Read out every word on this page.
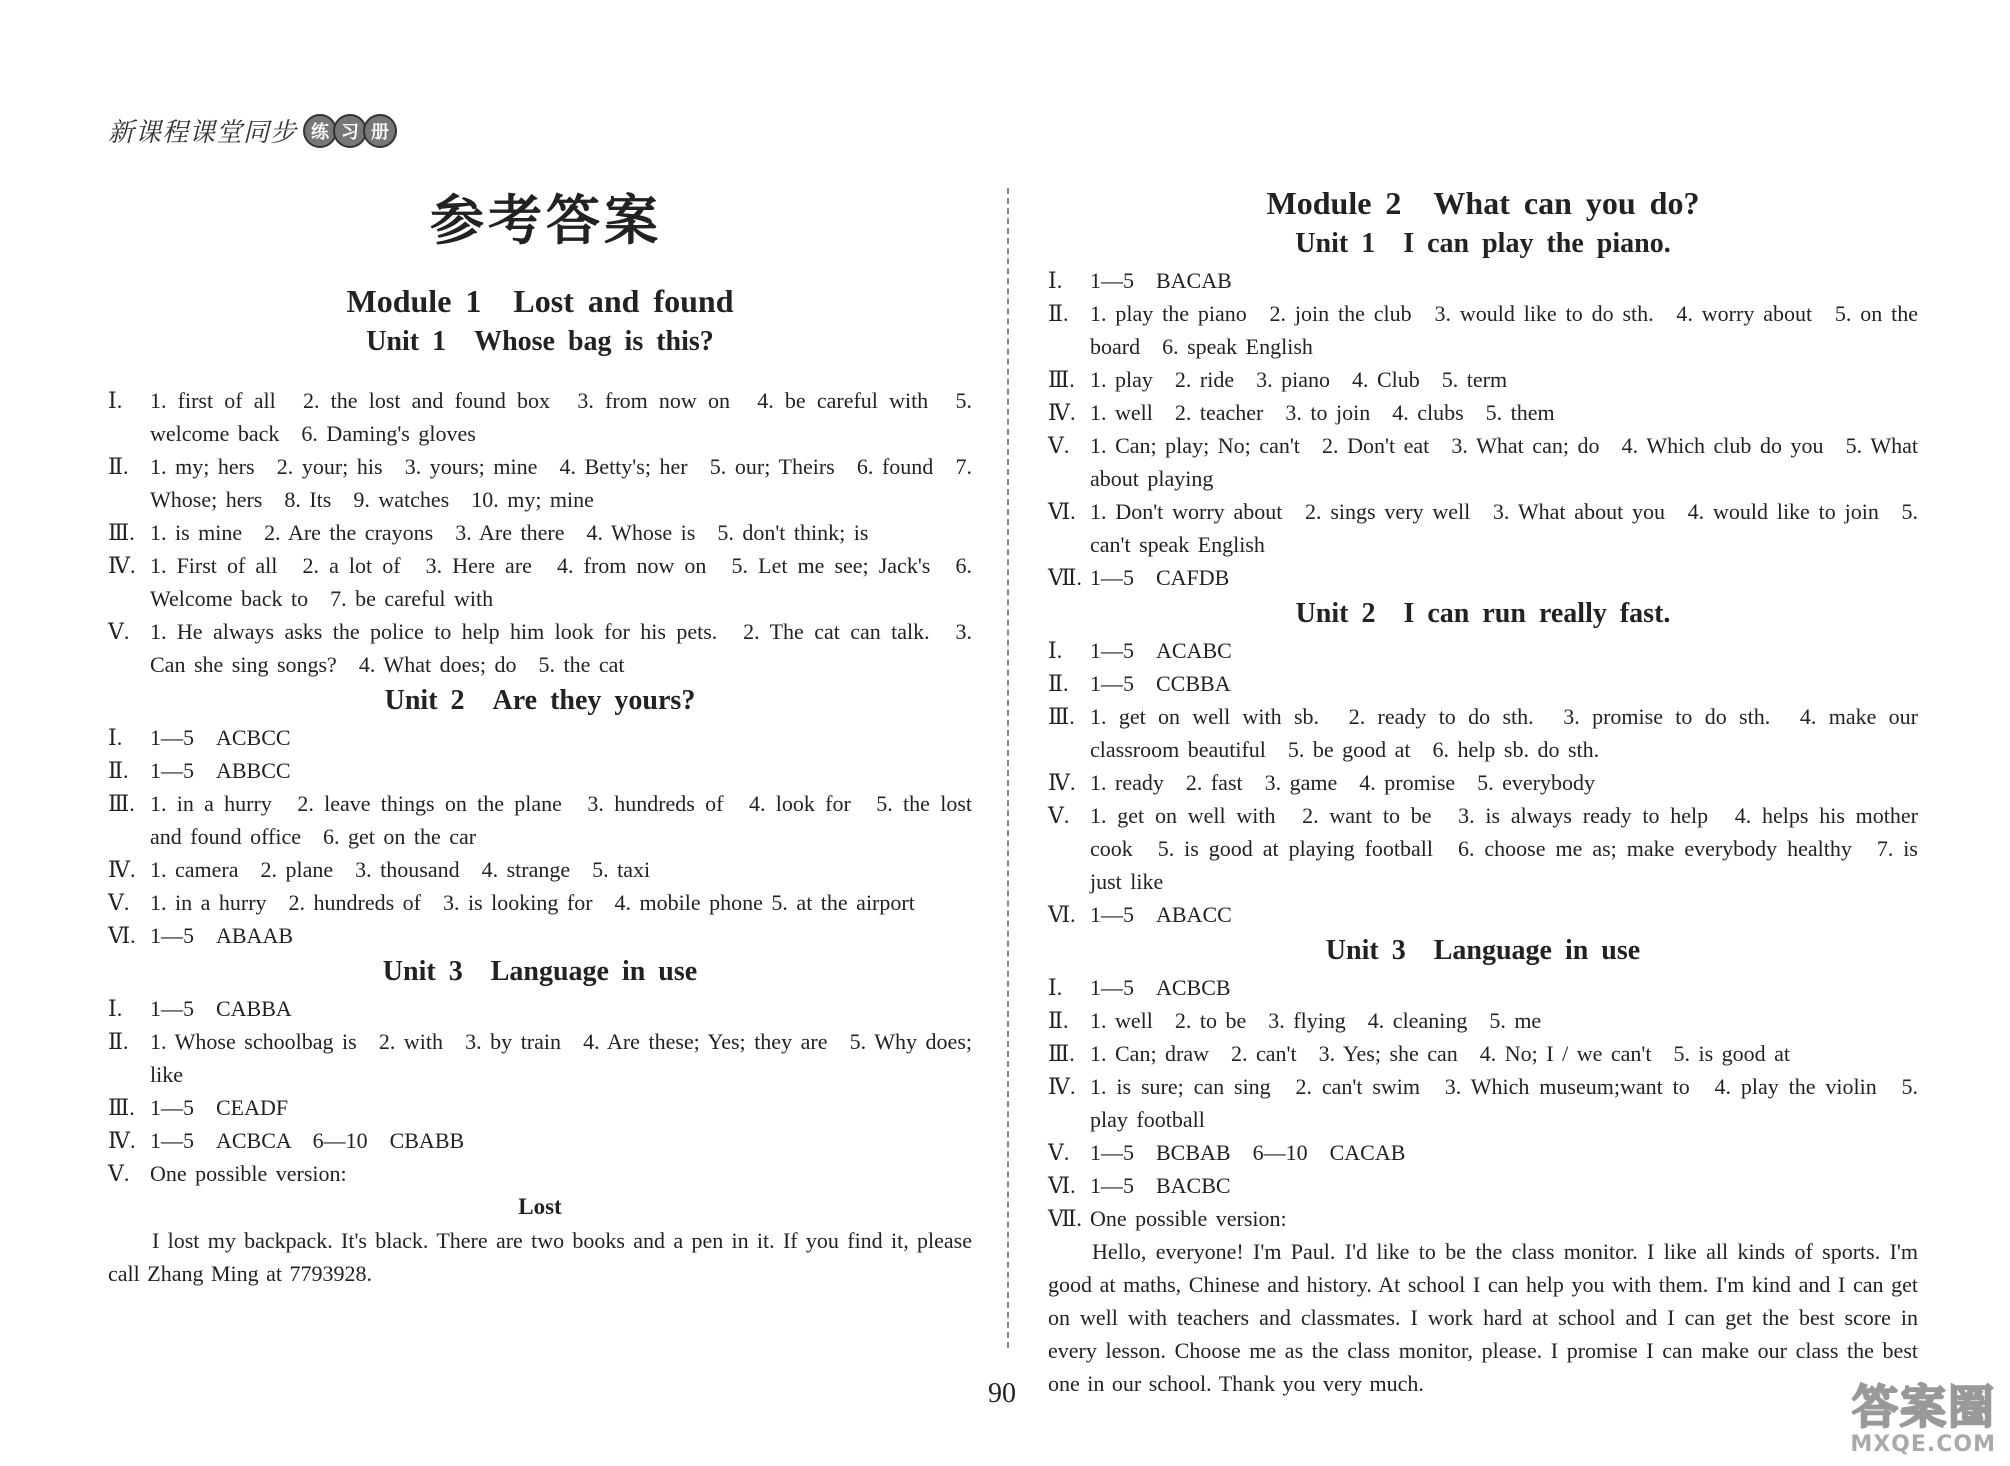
新课程课堂同步 练 习 册
参考答案
Module 1　Lost and found
Unit 1　Whose bag is this?
Ⅰ.	1. first of all　2. the lost and found box　3. from now on　4. be careful with　5. welcome back　6. Daming's gloves
Ⅱ. 1. my; hers　2. your; his　3. yours; mine　4. Betty's; her　5. our; Theirs　6. found　7. Whose; hers　8. Its　9. watches　10. my; mine
Ⅲ. 1. is mine　2. Are the crayons　3. Are there　4. Whose is　5. don't think; is
Ⅳ. 1. First of all　2. a lot of　3. Here are　4. from now on　5. Let me see; Jack's　6. Welcome back to　7. be careful with
Ⅴ. 1. He always asks the police to help him look for his pets.　2. The cat can talk.　3. Can she sing songs?　4. What does; do　5. the cat
Unit 2　Are they yours?
Ⅰ.	1—5　ACBCC
Ⅱ. 1—5　ABBCC
Ⅲ. 1. in a hurry　2. leave things on the plane　3. hundreds of　4. look for　5. the lost and found office　6. get on the car
Ⅳ. 1. camera　2. plane　3. thousand　4. strange　5. taxi
Ⅴ. 1. in a hurry　2. hundreds of　3. is looking for　4. mobile phone 5. at the airport
Ⅵ. 1—5　ABAAB
Unit 3　Language in use
Ⅰ.	1—5　CABBA
Ⅱ. 1. Whose schoolbag is　2. with　3. by train　4. Are these; Yes; they are　5. Why does; like
Ⅲ. 1—5　CEADF
Ⅳ. 1—5　ACBCA　6—10　CBABB
Ⅴ. One possible version:
Lost
I lost my backpack. It's black. There are two books and a pen in it. If you find it, please call Zhang Ming at 7793928.
Module 2　What can you do?
Unit 1　I can play the piano.
Ⅰ.	1—5　BACAB
Ⅱ. 1. play the piano　2. join the club　3. would like to do sth.　4. worry about　5. on the board　6. speak English
Ⅲ. 1. play　2. ride　3. piano　4. Club　5. term
Ⅳ. 1. well　2. teacher　3. to join　4. clubs　5. them
Ⅴ. 1. Can; play; No; can't　2. Don't eat　3. What can; do　4. Which club do you　5. What about playing
Ⅵ. 1. Don't worry about　2. sings very well　3. What about you　4. would like to join　5. can't speak English
Ⅶ. 1—5　CAFDB
Unit 2　I can run really fast.
Ⅰ.	1—5　ACABC
Ⅱ. 1—5　CCBBA
Ⅲ. 1. get on well with sb.　2. ready to do sth.　3. promise to do sth.　4. make our classroom beautiful　5. be good at　6. help sb. do sth.
Ⅳ. 1. ready　2. fast　3. game　4. promise　5. everybody
Ⅴ. 1. get on well with　2. want to be　3. is always ready to help　4. helps his mother cook　5. is good at playing football　6. choose me as; make everybody healthy　7. is just like
Ⅵ. 1—5　ABACC
Unit 3　Language in use
Ⅰ.	1—5　ACBCB
Ⅱ. 1. well　2. to be　3. flying　4. cleaning　5. me
Ⅲ. 1. Can; draw　2. can't　3. Yes; she can　4. No; I / we can't　5. is good at
Ⅳ. 1. is sure; can sing　2. can't swim　3. Which museum;want to　4. play the violin　5. play football
Ⅴ. 1—5　BCBAB　6—10　CACAB
Ⅵ. 1—5　BACBC
Ⅶ. One possible version:
Hello, everyone! I'm Paul. I'd like to be the class monitor. I like all kinds of sports. I'm good at maths, Chinese and history. At school I can help you with them. I'm kind and I can get on well with teachers and classmates. I work hard at school and I can get the best score in every lesson. Choose me as the class monitor, please. I promise I can make our class the best one in our school. Thank you very much.
90	答案圈
MXQE.COM
